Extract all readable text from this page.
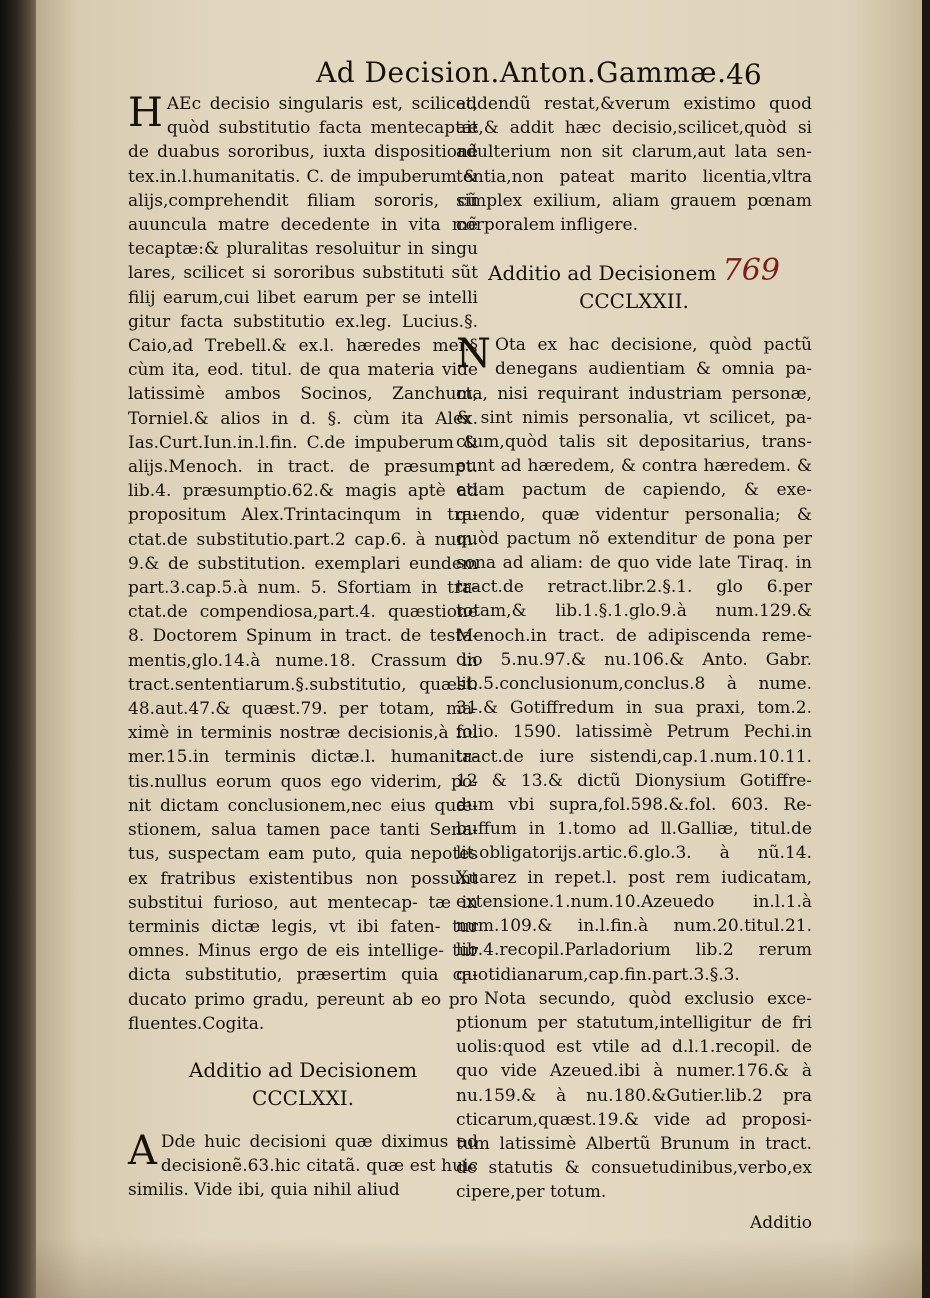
Ad Decision.Anton.Gammæ. 46

H AEc decisio singularis est, scilicet, quòd substitutio facta mentecaptæ de duabus sororibus, iuxta dispositionẽ tex.in.l.humanitatis. C. de impuberum & alijs,comprehendit filiam sororis, cũ auuncula matre decedente in vita mẽ tecaptæ:& pluralitas resoluitur in singu lares, scilicet si sororibus substituti sũt filij earum,cui libet earum per se intelli gitur facta substitutio ex.leg. Lucius.§. Caio,ad Trebell.& ex.l. hæredes mei.§ cùm ita, eod. titul. de qua materia vide latissimè ambos Socinos, Zanchum, Torniel.& alios in d. §. cùm ita Alex. Ias.Curt.Iun.in.l.fin. C.de impuberum & alijs.Menoch. in tract. de præsumpt. lib.4. præsumptio.62.& magis aptè ad propositum Alex.Trintacinqum in tra- ctat.de substitutio.part.2 cap.6. à num. 9.& de substitution. exemplari eundem part.3.cap.5.à num. 5. Sfortiam in tra- ctat.de compendiosa,part.4. quæstione 8. Doctorem Spinum in tract. de testa- mentis,glo.14.à nume.18. Crassum in tract.sententiarum.§.substitutio, quæst. 48.aut.47.& quæst.79. per totam, ma- ximè in terminis nostræ decisionis,à nu mer.15.in terminis dictæ.l. humanita- tis.nullus eorum quos ego viderim, po- nit dictam conclusionem,nec eius quæ- stionem, salua tamen pace tanti Sena- tus, suspectam eam puto, quia nepotes ex fratribus existentibus non possunt substitui furioso, aut mentecap- tæ in terminis dictæ legis, vt ibi faten- tur omnes. Minus ergo de eis intellige- tur dicta substitutio, præsertim quia ca- ducato primo gradu, pereunt ab eo pro fluentes.Cogita.

Additio ad Decisionem
CCCLXXI.

A Dde huic decisioni quæ diximus ad decisionẽ.63.hic citatã. quæ est huic similis. Vide ibi, quia nihil aliud

addendũ restat,&verum existimo quod ait,& addit hæc decisio,scilicet,quòd si adulterium non sit clarum,aut lata sen- tentia,non pateat marito licentia,vltra simplex exilium, aliam grauem pœnam corporalem infligere.

Additio ad Decisionem 769
CCCLXXII.

N Ota ex hac decisione, quòd pactũ denegans audientiam & omnia pa- cta, nisi requirant industriam personæ, & sint nimis personalia, vt scilicet, pa- ctum,quòd talis sit depositarius, trans- eunt ad hæredem, & contra hæredem. & etiam pactum de capiendo, & exe- quendo, quæ videntur personalia; & quòd pactum nõ extenditur de pona per sona ad aliam: de quo vide late Tiraq. in tract.de retract.libr.2.§.1. glo 6.per totam,& lib.1.§.1.glo.9.à num.129.& Menoch.in tract. de adipiscenda reme- dio 5.nu.97.& nu.106.& Anto. Gabr. lib.5.conclusionum,conclus.8 à nume. 31.& Gotiffredum in sua praxi, tom.2. folio. 1590. latissimè Petrum Pechi.in tract.de iure sistendi,cap.1.num.10.11. 12 & 13.& dictũ Dionysium Gotiffre- dum vbi supra,fol.598.&.fol. 603. Re- buffum in 1.tomo ad ll.Galliæ, titul.de lit.obligatorijs.artic.6.glo.3. à nũ.14. Xuarez in repet.l. post rem iudicatam, extensione.1.num.10.Azeuedo in.l.1.à num.109.& in.l.fin.à num.20.titul.21. lib.4.recopil.Parladorium lib.2 rerum quotidianarum,cap.fin.part.3.§.3.

Nota secundo, quòd exclusio exce- ptionum per statutum,intelligitur de fri uolis:quod est vtile ad d.l.1.recopil. de quo vide Azeued.ibi à numer.176.& à nu.159.& à nu.180.&Gutier.lib.2 pra cticarum,quæst.19.& vide ad proposi- tum latissimè Albertũ Brunum in tract. de statutis & consuetudinibus,verbo,ex cipere,per totum.

Additio
